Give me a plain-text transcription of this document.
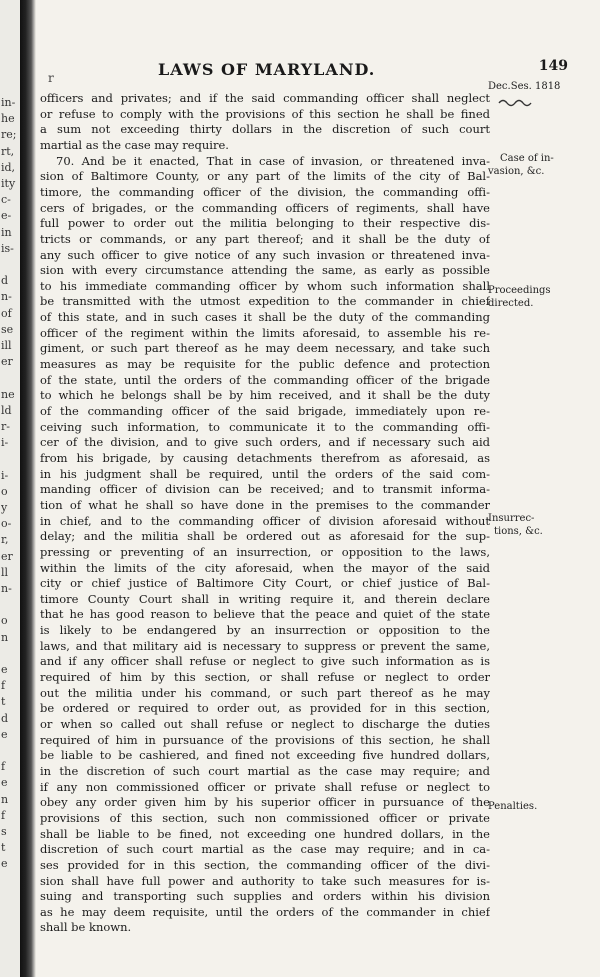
in-
he
re;
rt,
id,
ity
c-
e-
in
is-
d
n-
of
se
ill
er
ne
ld
r-
i-
i-
o
y
o-
r,
er
ll
n-
o
n
e
f
t
d
e
f
e
n
f
s
t
e
r	LAWS OF MARYLAND.	149
officers and privates; and if the said commanding officer shall neglect
or refuse to comply with the provisions of this section he shall be fined
a sum not exceeding thirty dollars in the discretion of such court
martial as the case may require.
70. And be it enacted, That in case of invasion, or threatened inva-
sion of Baltimore County, or any part of the limits of the city of Bal-
timore, the commanding officer of the division, the commanding offi-
cers of brigades, or the commanding officers of regiments, shall have
full power to order out the militia belonging to their respective dis-
tricts or commands, or any part thereof; and it shall be the duty of
any such officer to give notice of any such invasion or threatened inva-
sion with every circumstance attending the same, as early as possible
to his immediate commanding officer by whom such information shall
be transmitted with the utmost expedition to the commander in chief
of this state, and in such cases it shall be the duty of the commanding
officer of the regiment within the limits aforesaid, to assemble his re-
giment, or such part thereof as he may deem necessary, and take such
measures as may be requisite for the public defence and protection
of the state, until the orders of the commanding officer of the brigade
to which he belongs shall be by him received, and it shall be the duty
of the commanding officer of the said brigade, immediately upon re-
ceiving such information, to communicate it to the commanding offi-
cer of the division, and to give such orders, and if necessary such aid
from his brigade, by causing detachments therefrom as aforesaid, as
in his judgment shall be required, until the orders of the said com-
manding officer of division can be received; and to transmit informa-
tion of what he shall so have done in the premises to the commander
in chief, and to the commanding officer of division aforesaid without
delay; and the militia shall be ordered out as aforesaid for the sup-
pressing or preventing of an insurrection, or opposition to the laws,
within the limits of the city aforesaid, when the mayor of the said
city or chief justice of Baltimore City Court, or chief justice of Bal-
timore County Court shall in writing require it, and therein declare
that he has good reason to believe that the peace and quiet of the state
is likely to be endangered by an insurrection or opposition to the
laws, and that military aid is necessary to suppress or prevent the same,
and if any officer shall refuse or neglect to give such information as is
required of him by this section, or shall refuse or neglect to order
out the militia under his command, or such part thereof as he may
be ordered or required to order out, as provided for in this section,
or when so called out shall refuse or neglect to discharge the duties
required of him in pursuance of the provisions of this section, he shall
be liable to be cashiered, and fined not exceeding five hundred dollars,
in the discretion of such court martial as the case may require; and
if any non commissioned officer or private shall refuse or neglect to
obey any order given him by his superior officer in pursuance of the
provisions of this section, such non commissioned officer or private
shall be liable to be fined, not exceeding one hundred dollars, in the
discretion of such court martial as the case may require; and in ca-
ses provided for in this section, the commanding officer of the divi-
sion shall have full power and authority to take such measures for is-
suing and transporting such supplies and orders within his division
as he may deem requisite, until the orders of the commander in chief
shall be known.
Dec.Ses. 1818
Case of in-
vasion, &c.
Proceedings
directed.
Insurrec-
tions, &c.
Penalties.
